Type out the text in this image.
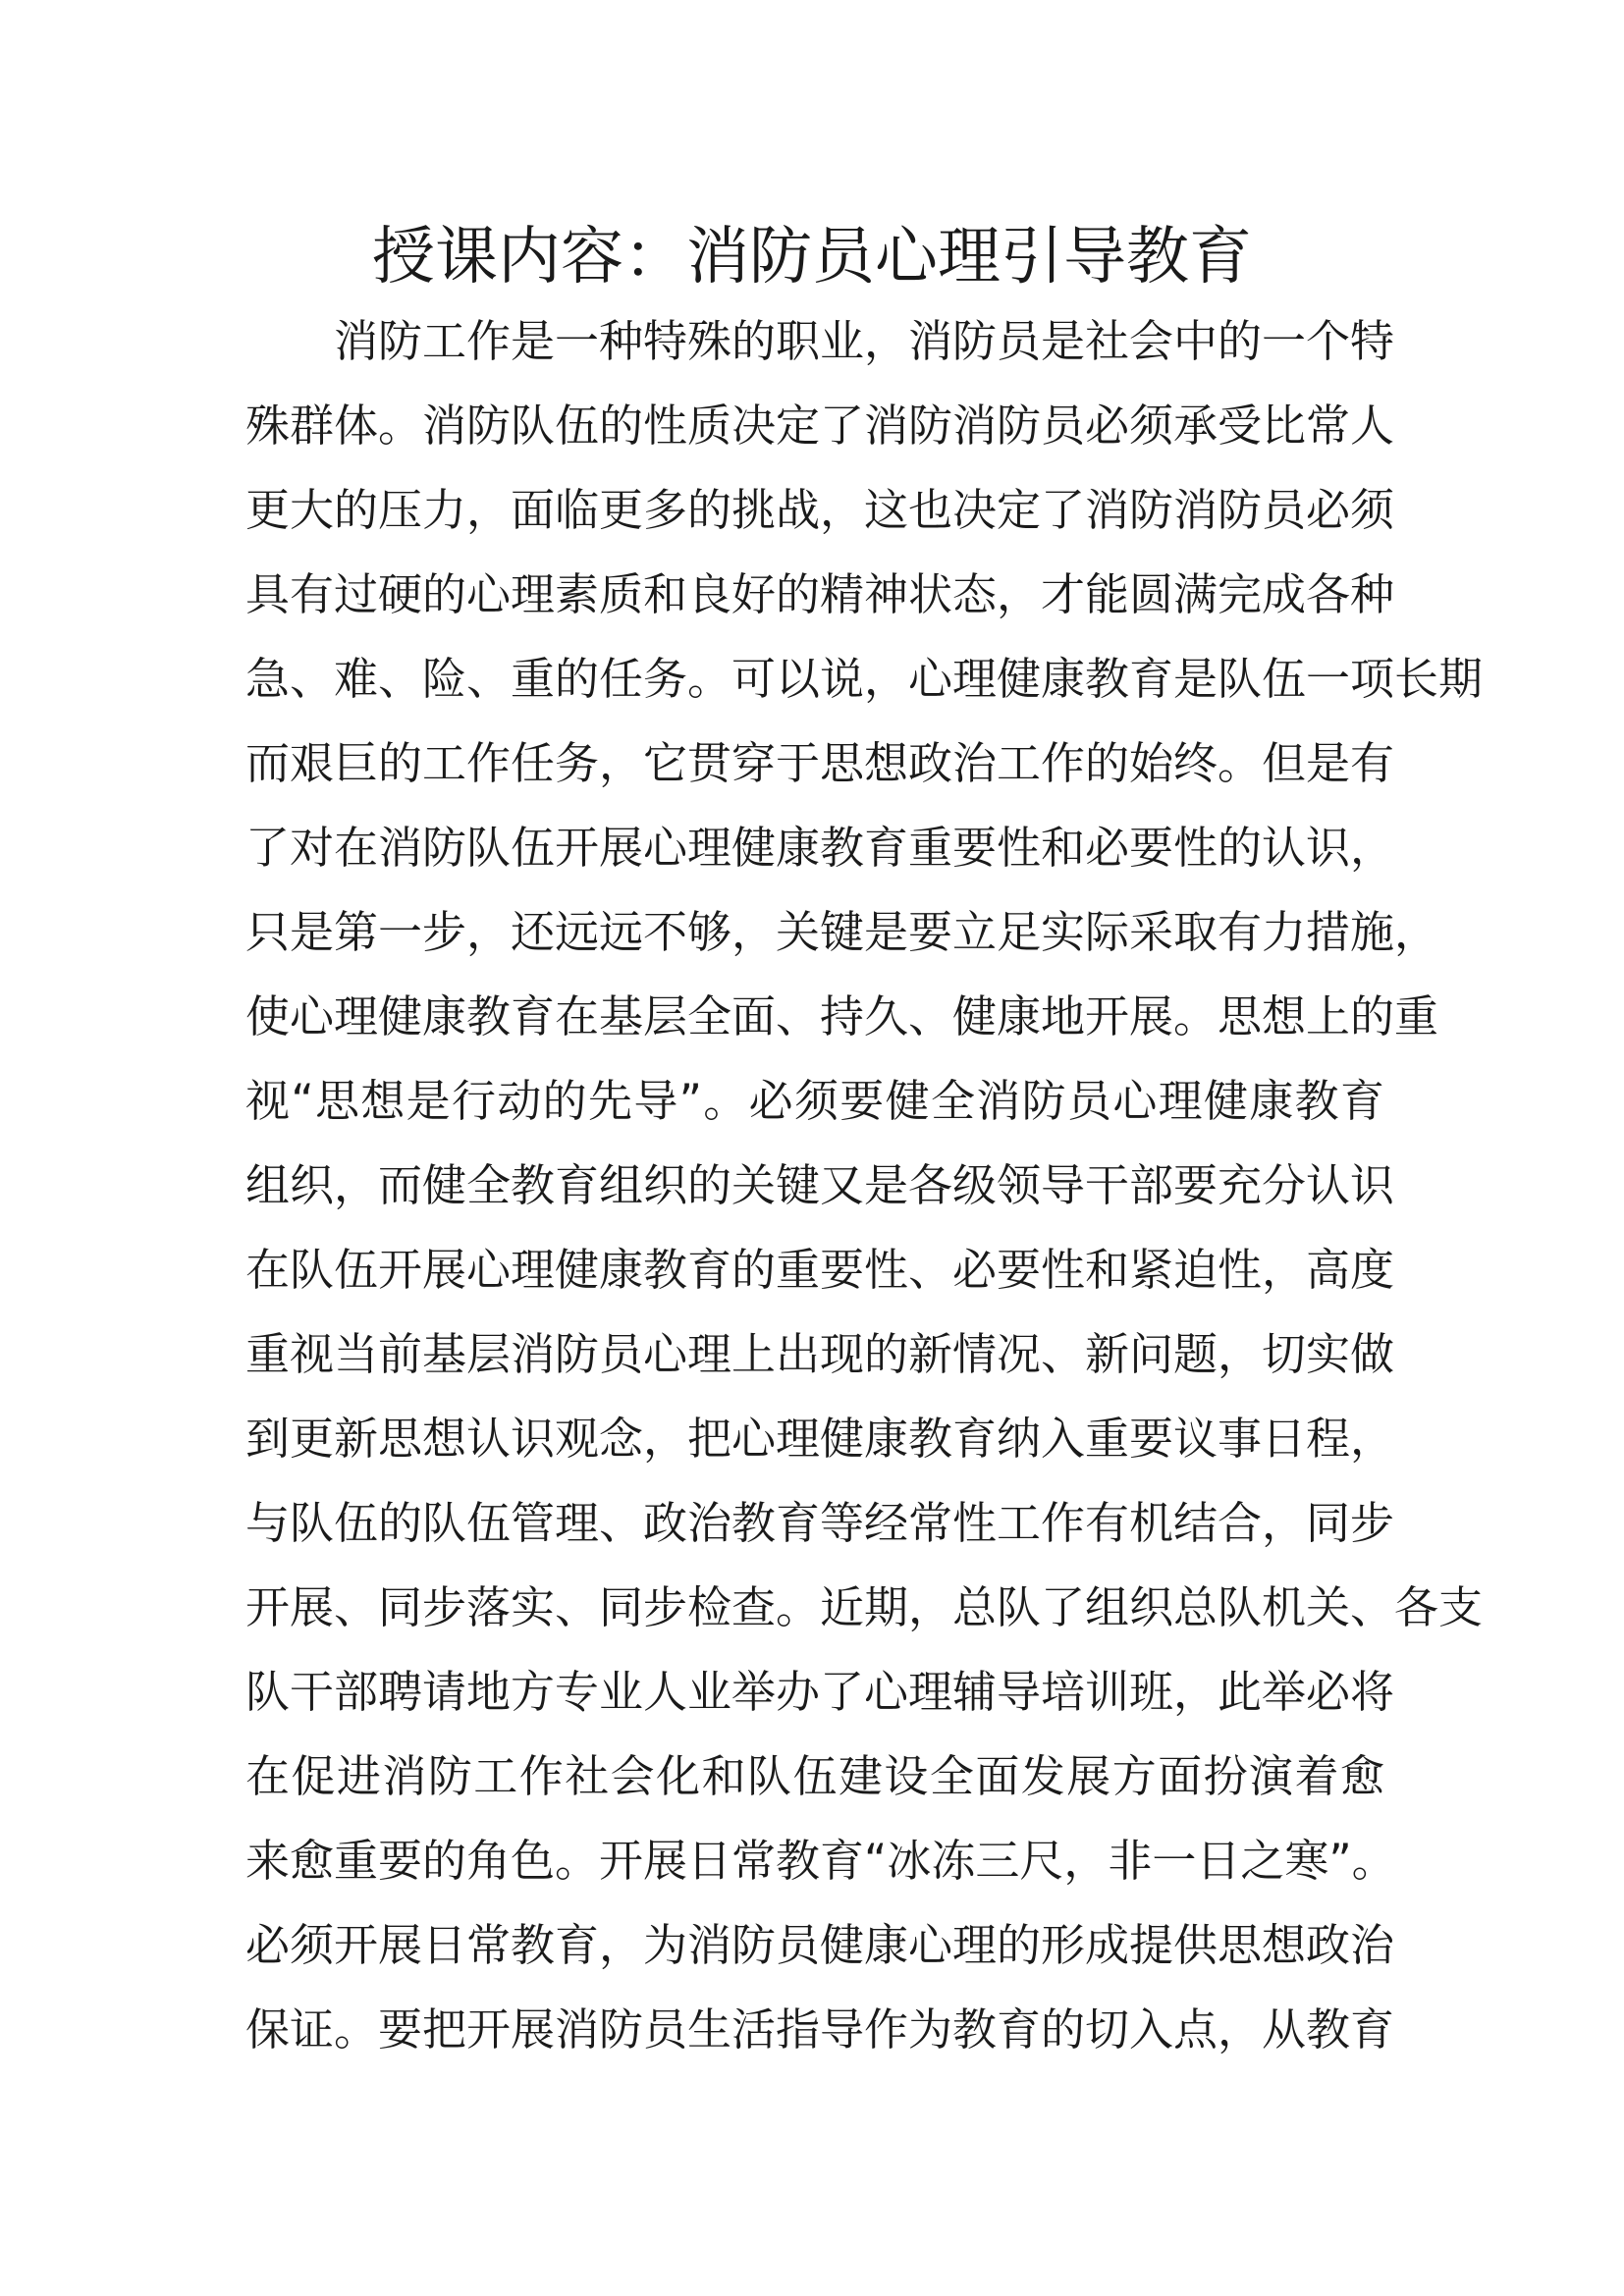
授课内容：消防员心理引导教育
消防工作是一种特殊的职业，消防员是社会中的一个特
殊群体。消防队伍的性质决定了消防消防员必须承受比常人
更大的压力，面临更多的挑战，这也决定了消防消防员必须
具有过硬的心理素质和良好的精神状态，才能圆满完成各种
急、难、险、重的任务。可以说，心理健康教育是队伍一项长期
而艰巨的工作任务，它贯穿于思想政治工作的始终。但是有
了对在消防队伍开展心理健康教育重要性和必要性的认识，
只是第一步，还远远不够，关键是要立足实际采取有力措施，
使心理健康教育在基层全面、持久、健康地开展。思想上的重
视“思想是行动的先导”。必须要健全消防员心理健康教育
组织，而健全教育组织的关键又是各级领导干部要充分认识
在队伍开展心理健康教育的重要性、必要性和紧迫性，高度
重视当前基层消防员心理上出现的新情况、新问题，切实做
到更新思想认识观念，把心理健康教育纳入重要议事日程，
与队伍的队伍管理、政治教育等经常性工作有机结合，同步
开展、同步落实、同步检查。近期，总队了组织总队机关、各支
队干部聘请地方专业人业举办了心理辅导培训班，此举必将
在促进消防工作社会化和队伍建设全面发展方面扮演着愈
来愈重要的角色。开展日常教育“冰冻三尺，非一日之寒”。
必须开展日常教育，为消防员健康心理的形成提供思想政治
保证。要把开展消防员生活指导作为教育的切入点，从教育
